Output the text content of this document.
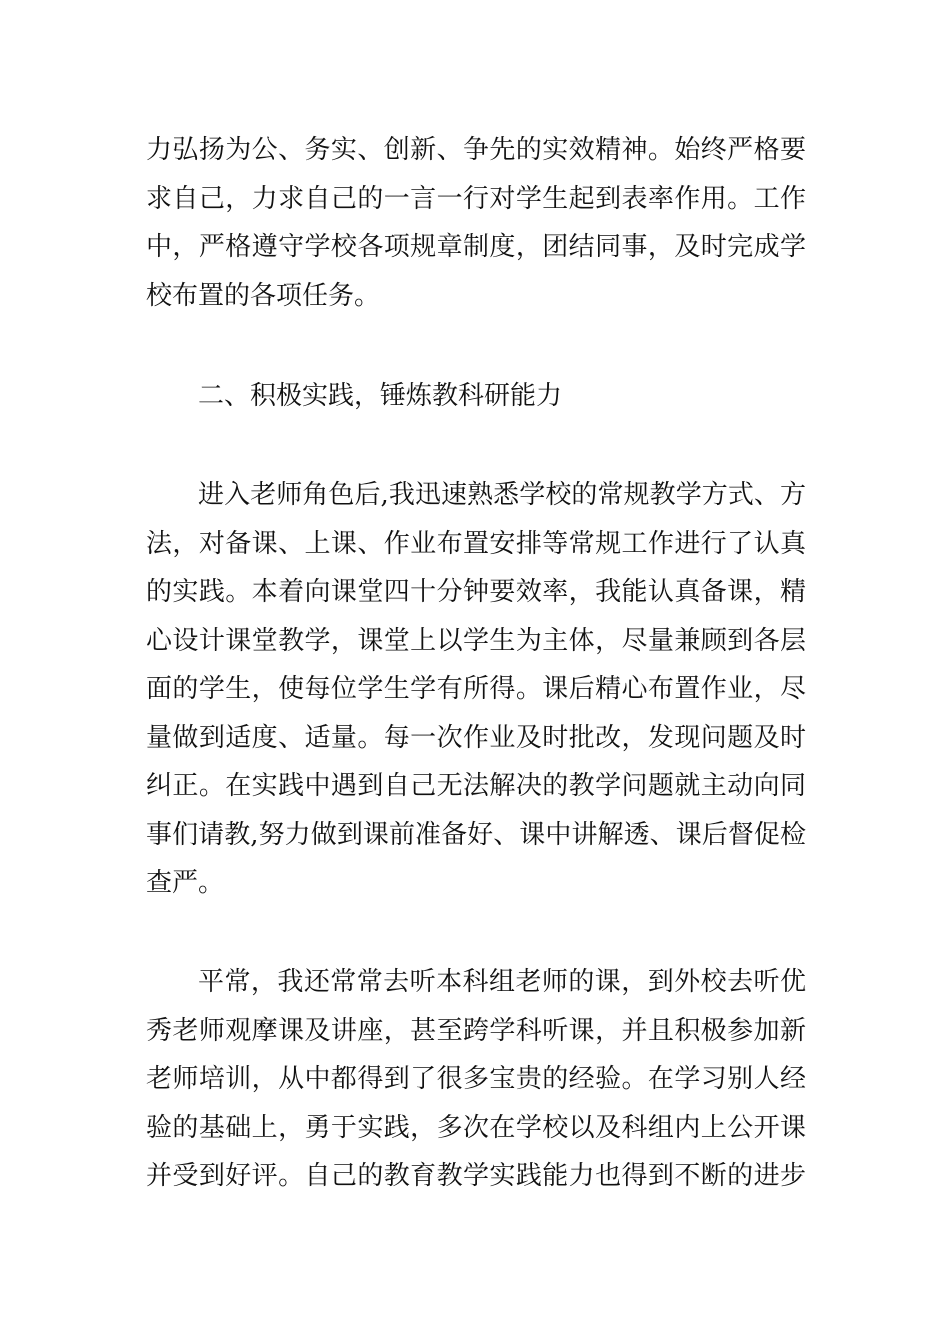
力弘扬为公、务实、创新、争先的实效精神。始终严格要
求自己，力求自己的一言一行对学生起到表率作用。工作
中，严格遵守学校各项规章制度，团结同事，及时完成学
校布置的各项任务。
二、积极实践，锤炼教科研能力
进入老师角色后,我迅速熟悉学校的常规教学方式、方
法，对备课、上课、作业布置安排等常规工作进行了认真
的实践。本着向课堂四十分钟要效率，我能认真备课，精
心设计课堂教学，课堂上以学生为主体，尽量兼顾到各层
面的学生，使每位学生学有所得。课后精心布置作业，尽
量做到适度、适量。每一次作业及时批改，发现问题及时
纠正。在实践中遇到自己无法解决的教学问题就主动向同
事们请教,努力做到课前准备好、课中讲解透、课后督促检
查严。
平常，我还常常去听本科组老师的课，到外校去听优
秀老师观摩课及讲座，甚至跨学科听课，并且积极参加新
老师培训，从中都得到了很多宝贵的经验。在学习别人经
验的基础上，勇于实践，多次在学校以及科组内上公开课
并受到好评。自己的教育教学实践能力也得到不断的进步
